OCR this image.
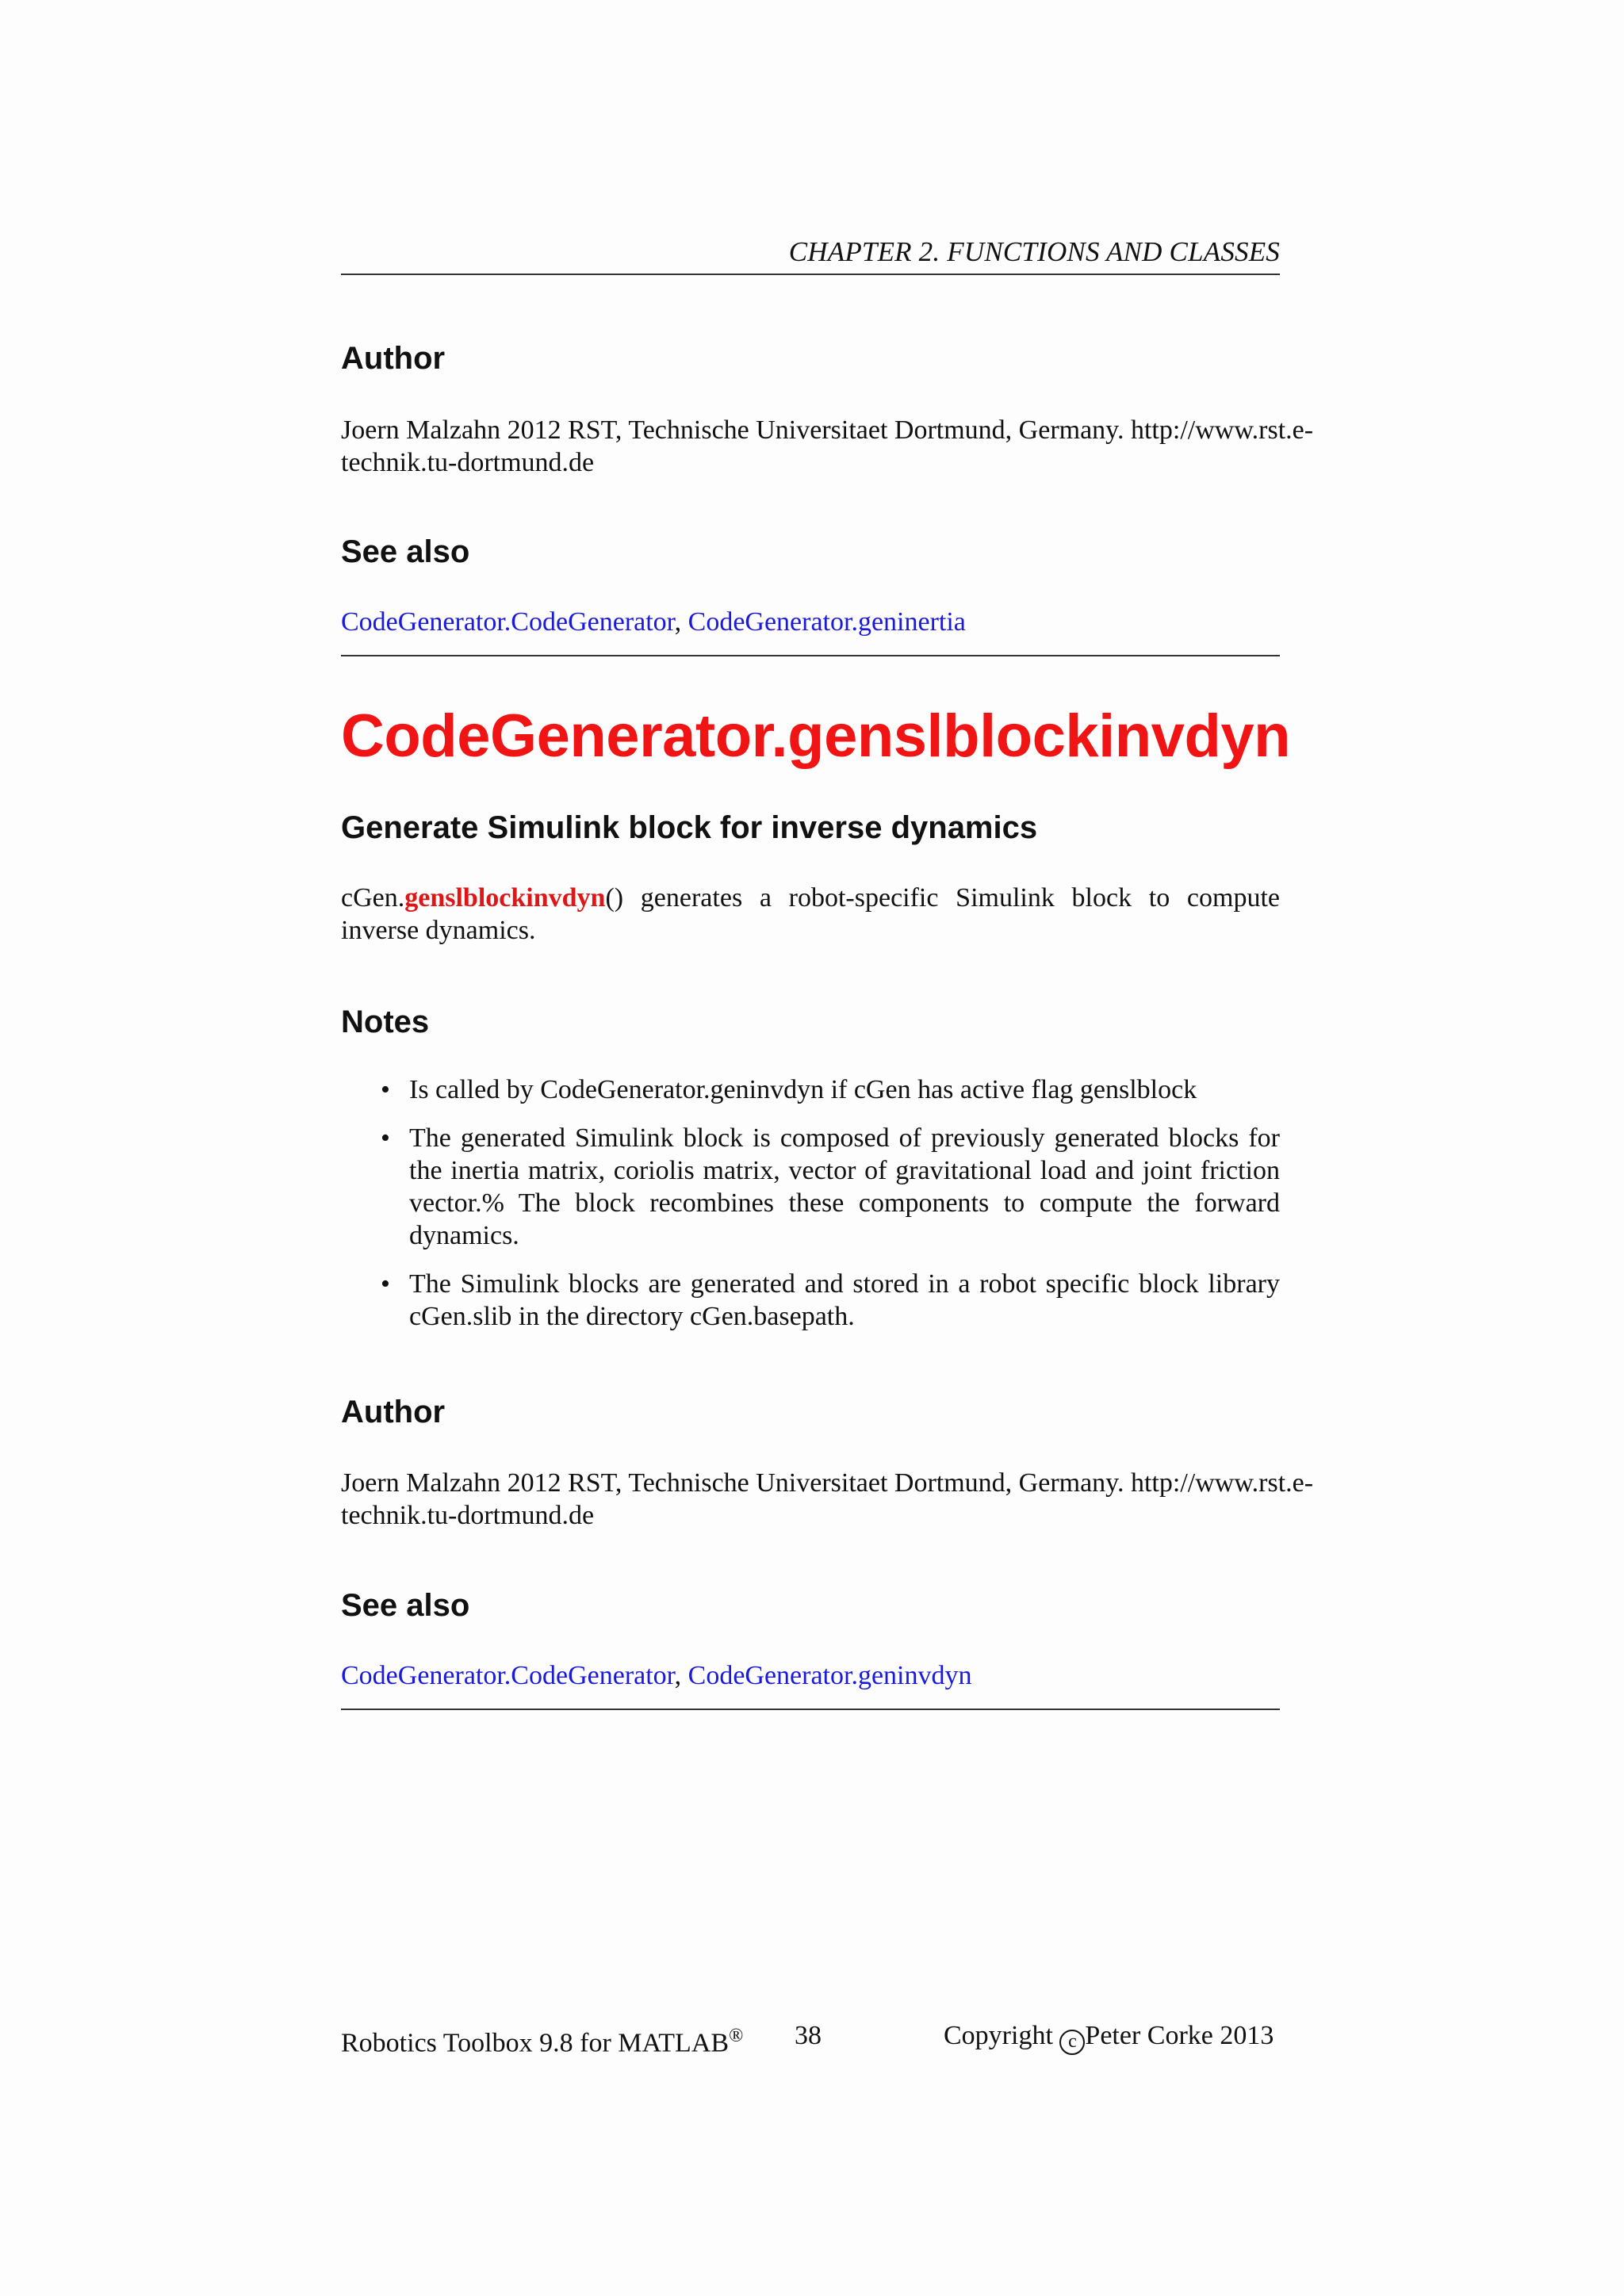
CHAPTER 2. FUNCTIONS AND CLASSES
Author
Joern Malzahn 2012 RST, Technische Universitaet Dortmund, Germany. http://www.rst.e-
technik.tu-dortmund.de
See also
CodeGenerator.CodeGenerator, CodeGenerator.geninertia
CodeGenerator.genslblockinvdyn
Generate Simulink block for inverse dynamics
cGen.genslblockinvdyn() generates a robot-specific Simulink block to compute inverse dynamics.
Notes
• Is called by CodeGenerator.geninvdyn if cGen has active flag genslblock
• The generated Simulink block is composed of previously generated blocks for the inertia matrix, coriolis matrix, vector of gravitational load and joint friction vector.% The block recombines these components to compute the forward dynamics.
• The Simulink blocks are generated and stored in a robot specific block library cGen.slib in the directory cGen.basepath.
Author
Joern Malzahn 2012 RST, Technische Universitaet Dortmund, Germany. http://www.rst.e-
technik.tu-dortmund.de
See also
CodeGenerator.CodeGenerator, CodeGenerator.geninvdyn
Robotics Toolbox 9.8 for MATLAB® 38	Copyright c Peter Corke 2013
